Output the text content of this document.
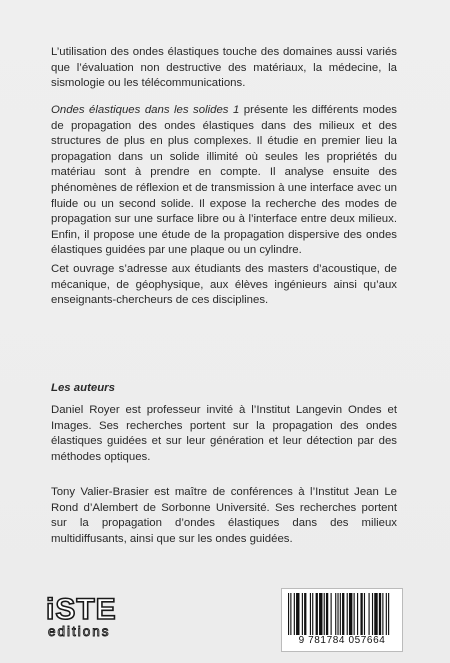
L’utilisation des ondes élastiques touche des domaines aussi variés que l’évaluation non destructive des matériaux, la médecine, la sismologie ou les télécommunications.

Ondes élastiques dans les solides 1 présente les différents modes de propagation des ondes élastiques dans des milieux et des structures de plus en plus complexes. Il étudie en premier lieu la propagation dans un solide illimité où seules les propriétés du matériau sont à prendre en compte. Il analyse ensuite des phénomènes de réflexion et de transmission à une interface avec un fluide ou un second solide. Il expose la recherche des modes de propagation sur une surface libre ou à l’interface entre deux milieux. Enfin, il propose une étude de la propagation dispersive des ondes élastiques guidées par une plaque ou un cylindre.

Cet ouvrage s’adresse aux étudiants des masters d’acoustique, de mécanique, de géophysique, aux élèves ingénieurs ainsi qu’aux enseignants-chercheurs de ces disciplines.

Les auteurs

Daniel Royer est professeur invité à l’Institut Langevin Ondes et Images. Ses recherches portent sur la propagation des ondes élastiques guidées et sur leur génération et leur détection par des méthodes optiques.

Tony Valier-Brasier est maître de conférences à l’Institut Jean Le Rond d’Alembert de Sorbonne Université. Ses recherches portent sur la propagation d’ondes élastiques dans des milieux multidiffusants, ainsi que sur les ondes guidées.

iSTE
editions
9 781784 057664
